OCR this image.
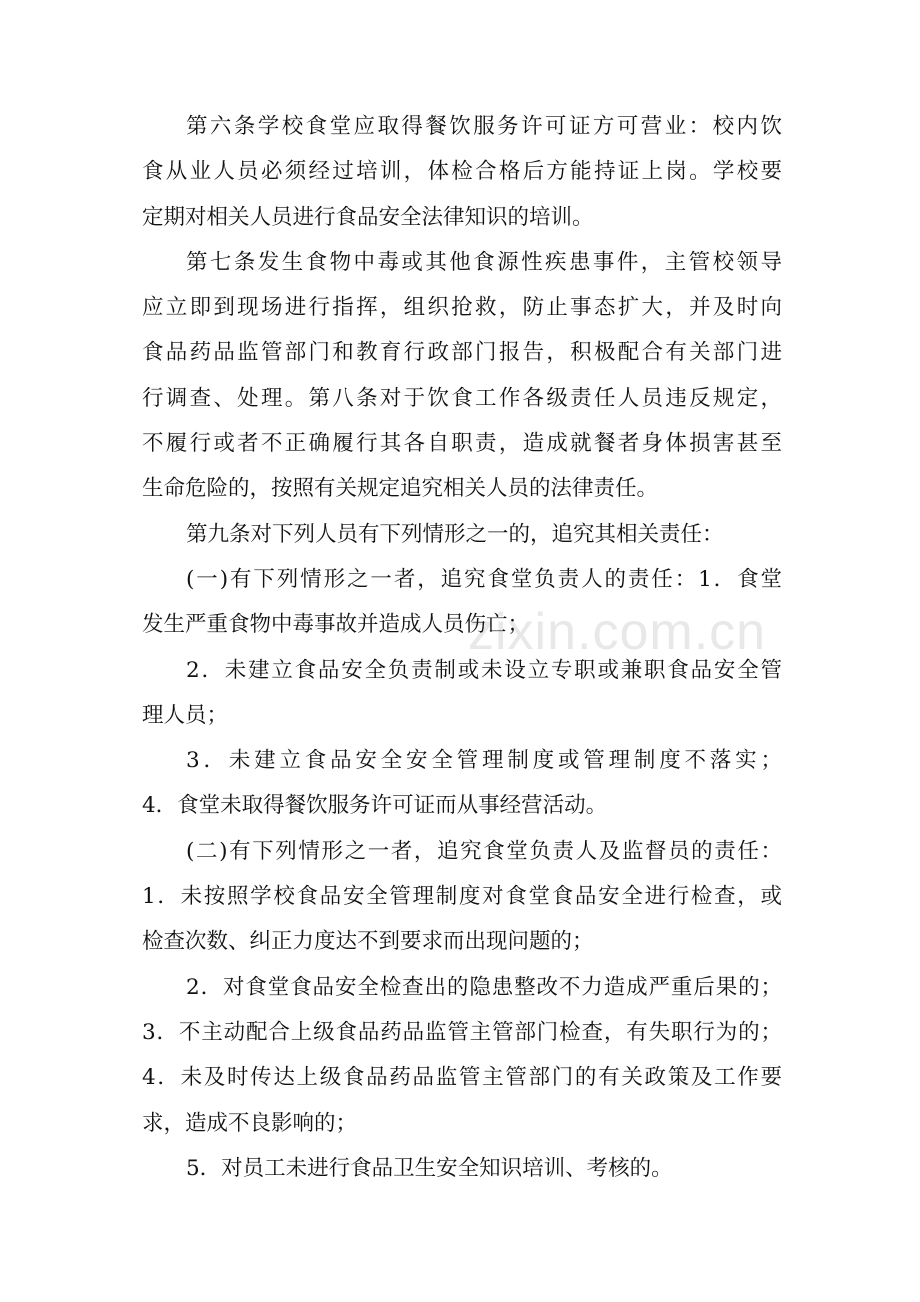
zixin.com.cn
第六条学校食堂应取得餐饮服务许可证方可营业：校内饮
食从业人员必须经过培训，体检合格后方能持证上岗。学校要
定期对相关人员进行食品安全法律知识的培训。
第七条发生食物中毒或其他食源性疾患事件，主管校领导
应立即到现场进行指挥，组织抢救，防止事态扩大，并及时向
食品药品监管部门和教育行政部门报告，积极配合有关部门进
行调查、处理。第八条对于饮食工作各级责任人员违反规定，
不履行或者不正确履行其各自职责，造成就餐者身体损害甚至
生命危险的，按照有关规定追究相关人员的法律责任。
第九条对下列人员有下列情形之一的，追究其相关责任：
(一)有下列情形之一者，追究食堂负责人的责任：1．食堂
发生严重食物中毒事故并造成人员伤亡；
2．未建立食品安全负责制或未设立专职或兼职食品安全管
理人员；
3．未建立食品安全安全管理制度或管理制度不落实；
4．食堂未取得餐饮服务许可证而从事经营活动。
(二)有下列情形之一者，追究食堂负责人及监督员的责任：
1．未按照学校食品安全管理制度对食堂食品安全进行检查，或
检查次数、纠正力度达不到要求而出现问题的；
2．对食堂食品安全检查出的隐患整改不力造成严重后果的；
3．不主动配合上级食品药品监管主管部门检查，有失职行为的；
4．未及时传达上级食品药品监管主管部门的有关政策及工作要
求，造成不良影响的；
5．对员工未进行食品卫生安全知识培训、考核的。
